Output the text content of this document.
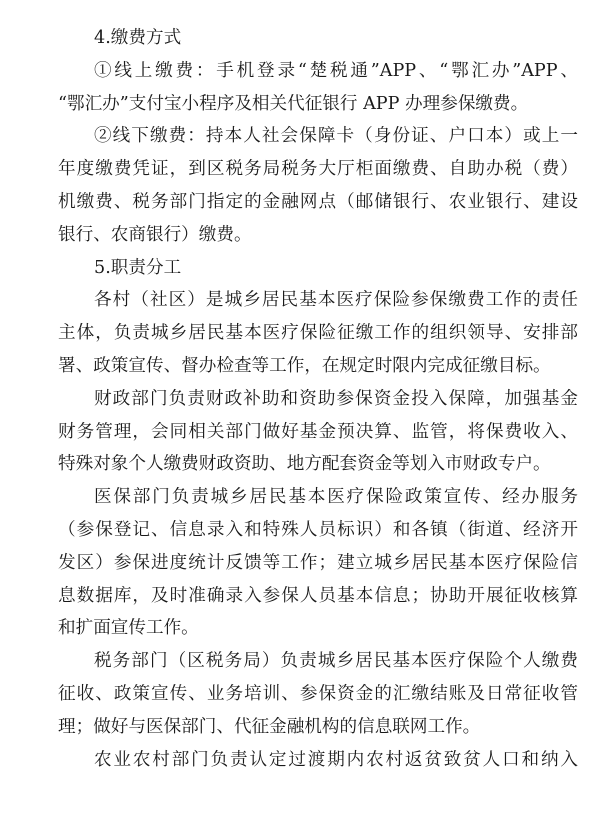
4.缴费方式
①线上缴费：手机登录“楚税通”APP、“鄂汇办”APP、
“鄂汇办”支付宝小程序及相关代征银行 APP 办理参保缴费。
②线下缴费：持本人社会保障卡（身份证、户口本）或上一
年度缴费凭证，到区税务局税务大厅柜面缴费、自助办税（费）
机缴费、税务部门指定的金融网点（邮储银行、农业银行、建设
银行、农商银行）缴费。
5.职责分工
各村（社区）是城乡居民基本医疗保险参保缴费工作的责任
主体，负责城乡居民基本医疗保险征缴工作的组织领导、安排部
署、政策宣传、督办检查等工作，在规定时限内完成征缴目标。
财政部门负责财政补助和资助参保资金投入保障，加强基金
财务管理，会同相关部门做好基金预决算、监管，将保费收入、
特殊对象个人缴费财政资助、地方配套资金等划入市财政专户。
医保部门负责城乡居民基本医疗保险政策宣传、经办服务
（参保登记、信息录入和特殊人员标识）和各镇（街道、经济开
发区）参保进度统计反馈等工作；建立城乡居民基本医疗保险信
息数据库，及时准确录入参保人员基本信息；协助开展征收核算
和扩面宣传工作。
税务部门（区税务局）负责城乡居民基本医疗保险个人缴费
征收、政策宣传、业务培训、参保资金的汇缴结账及日常征收管
理；做好与医保部门、代征金融机构的信息联网工作。
农业农村部门负责认定过渡期内农村返贫致贫人口和纳入
